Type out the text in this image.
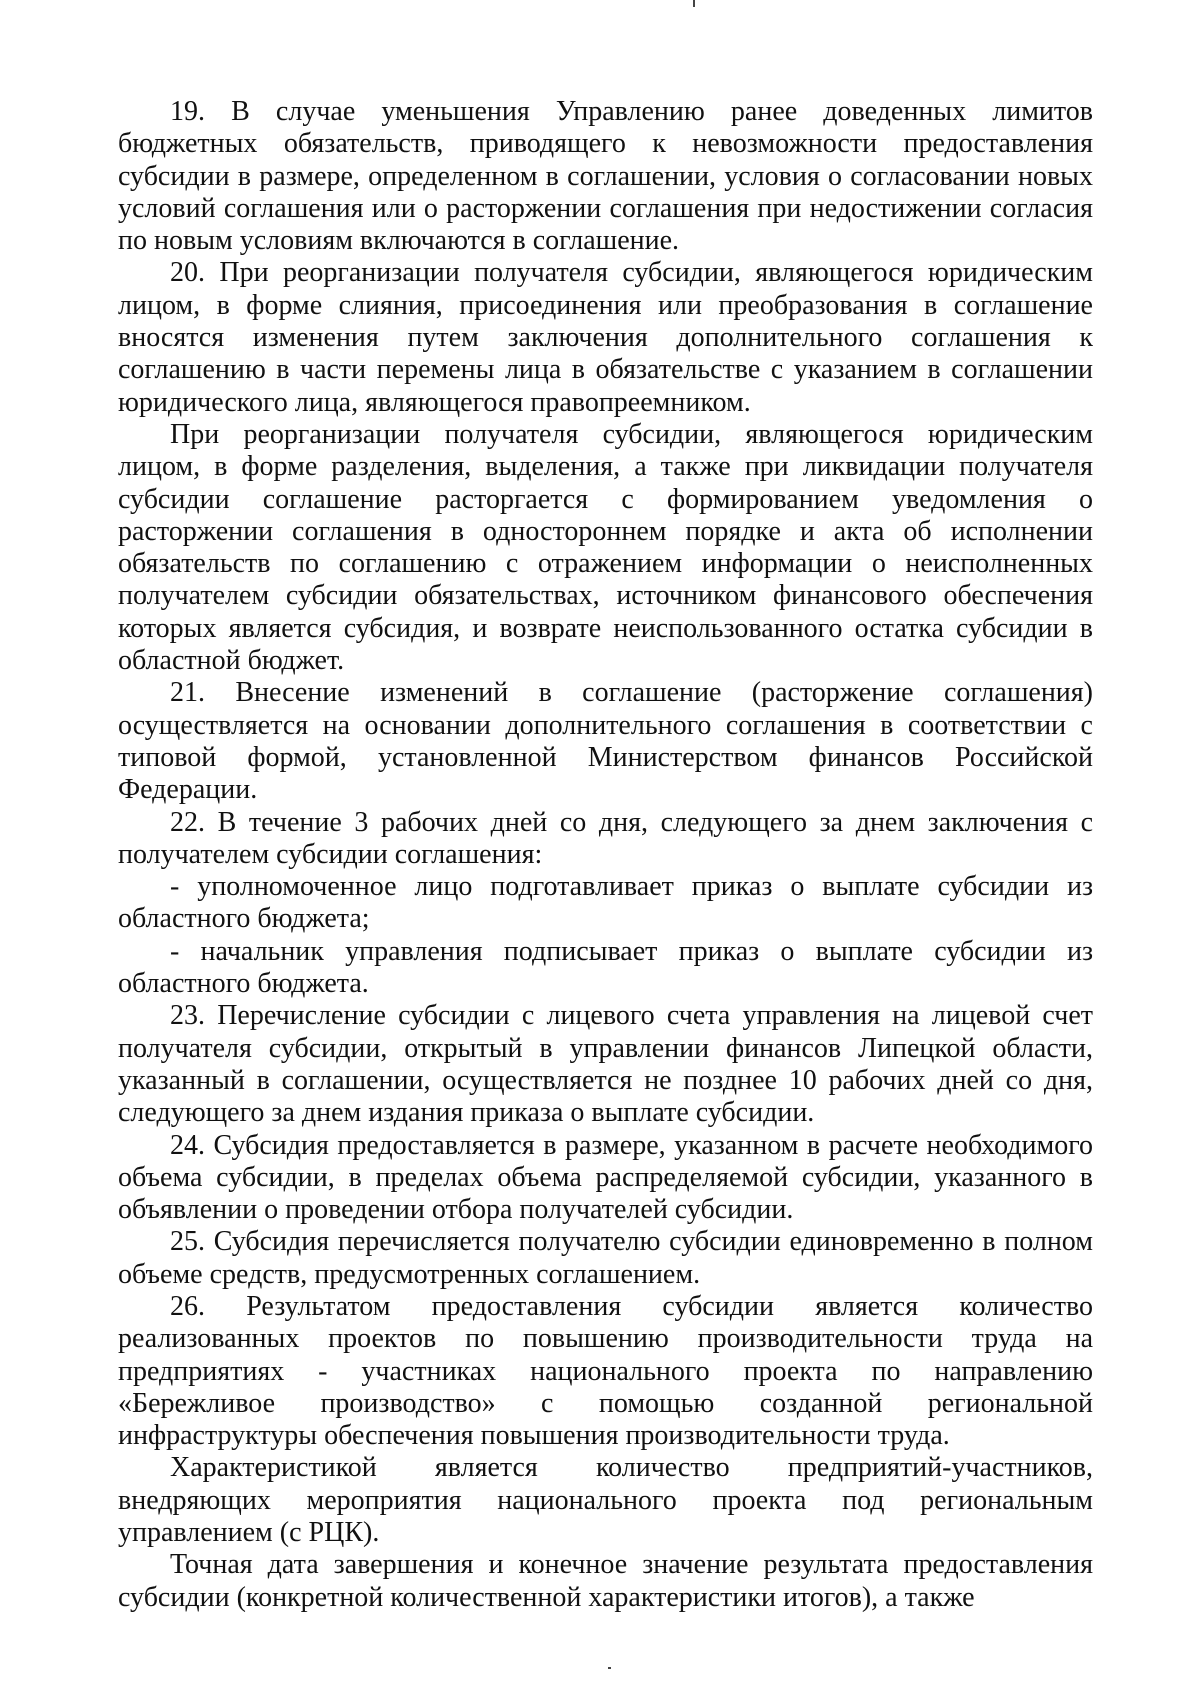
19. В случае уменьшения Управлению ранее доведенных лимитов бюджетных обязательств, приводящего к невозможности предоставления субсидии в размере, определенном в соглашении, условия о согласовании новых условий соглашения или о расторжении соглашения при недостижении согласия по новым условиям включаются в соглашение.

20. При реорганизации получателя субсидии, являющегося юридическим лицом, в форме слияния, присоединения или преобразования в соглашение вносятся изменения путем заключения дополнительного соглашения к соглашению в части перемены лица в обязательстве с указанием в соглашении юридического лица, являющегося правопреемником.

При реорганизации получателя субсидии, являющегося юридическим лицом, в форме разделения, выделения, а также при ликвидации получателя субсидии соглашение расторгается с формированием уведомления о расторжении соглашения в одностороннем порядке и акта об исполнении обязательств по соглашению с отражением информации о неисполненных получателем субсидии обязательствах, источником финансового обеспечения которых является субсидия, и возврате неиспользованного остатка субсидии в областной бюджет.

21. Внесение изменений в соглашение (расторжение соглашения) осуществляется на основании дополнительного соглашения в соответствии с типовой формой, установленной Министерством финансов Российской Федерации.

22. В течение 3 рабочих дней со дня, следующего за днем заключения с получателем субсидии соглашения:

- уполномоченное лицо подготавливает приказ о выплате субсидии из областного бюджета;

- начальник управления подписывает приказ о выплате субсидии из областного бюджета.

23. Перечисление субсидии с лицевого счета управления на лицевой счет получателя субсидии, открытый в управлении финансов Липецкой области, указанный в соглашении, осуществляется не позднее 10 рабочих дней со дня, следующего за днем издания приказа о выплате субсидии.

24. Субсидия предоставляется в размере, указанном в расчете необходимого объема субсидии, в пределах объема распределяемой субсидии, указанного в объявлении о проведении отбора получателей субсидии.

25. Субсидия перечисляется получателю субсидии единовременно в полном объеме средств, предусмотренных соглашением.

26. Результатом предоставления субсидии является количество реализованных проектов по повышению производительности труда на предприятиях - участниках национального проекта по направлению «Бережливое производство» с помощью созданной региональной инфраструктуры обеспечения повышения производительности труда.

Характеристикой является количество предприятий-участников, внедряющих мероприятия национального проекта под региональным управлением (с РЦК).

Точная дата завершения и конечное значение результата предоставления субсидии (конкретной количественной характеристики итогов), а также
